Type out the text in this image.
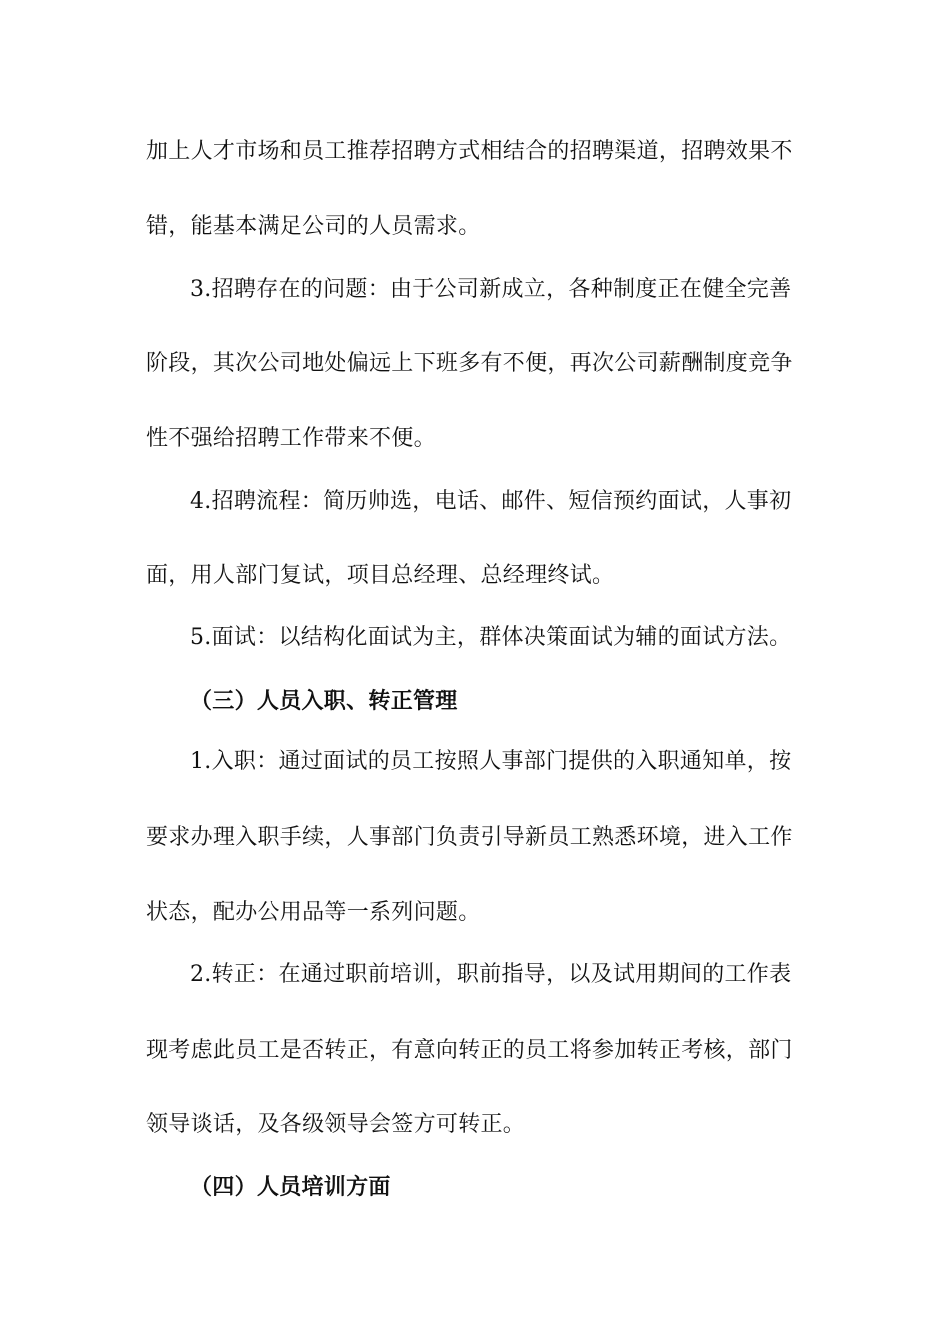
加上人才市场和员工推荐招聘方式相结合的招聘渠道，招聘效果不
错，能基本满足公司的人员需求。
3.招聘存在的问题：由于公司新成立，各种制度正在健全完善
阶段，其次公司地处偏远上下班多有不便，再次公司薪酬制度竞争
性不强给招聘工作带来不便。
4.招聘流程：简历帅选，电话、邮件、短信预约面试，人事初
面，用人部门复试，项目总经理、总经理终试。
5.面试：以结构化面试为主，群体决策面试为辅的面试方法。
（三）人员入职、转正管理
1.入职：通过面试的员工按照人事部门提供的入职通知单，按
要求办理入职手续，人事部门负责引导新员工熟悉环境，进入工作
状态，配办公用品等一系列问题。
2.转正：在通过职前培训，职前指导，以及试用期间的工作表
现考虑此员工是否转正，有意向转正的员工将参加转正考核，部门
领导谈话，及各级领导会签方可转正。
（四）人员培训方面
